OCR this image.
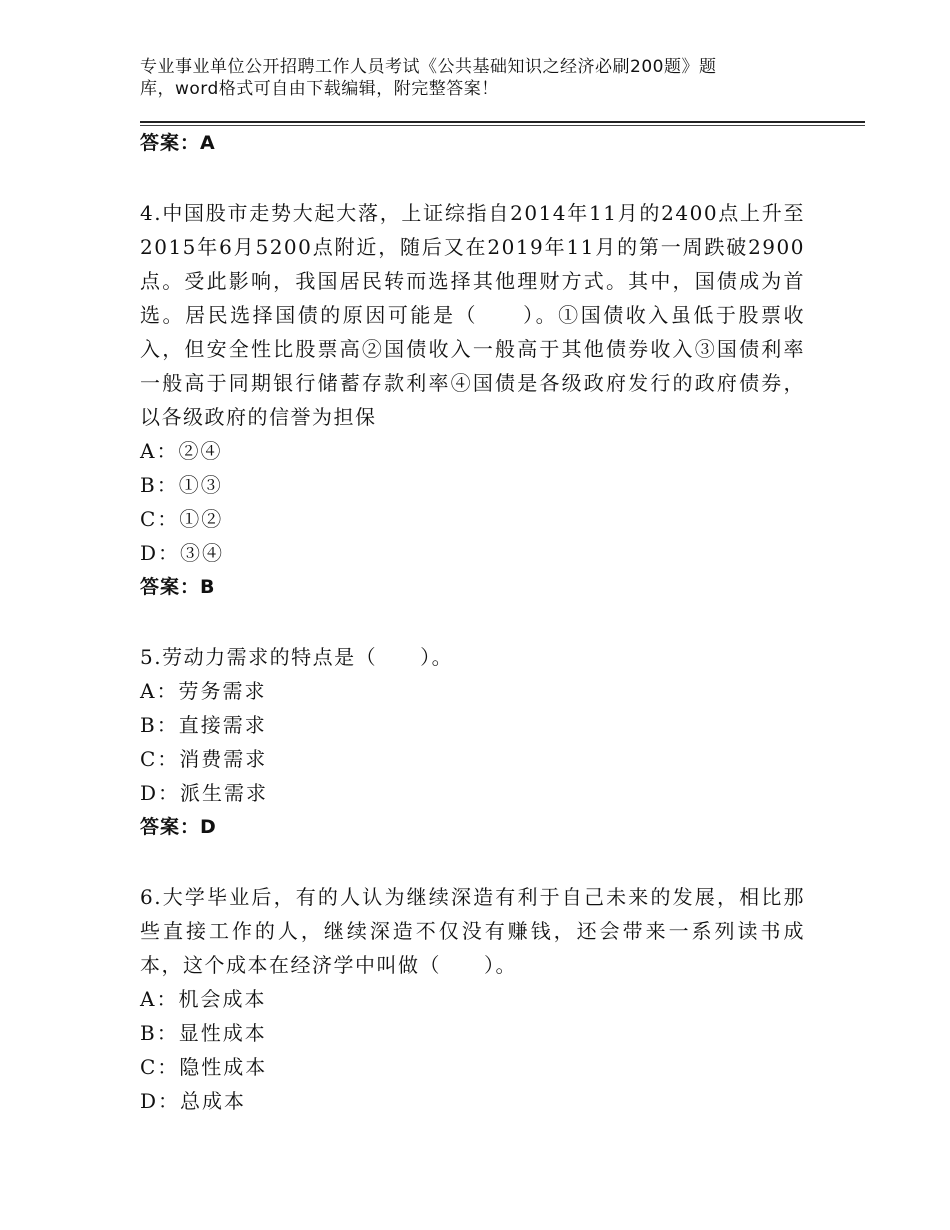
专业事业单位公开招聘工作人员考试《公共基础知识之经济必刷200题》题
库，word格式可自由下载编辑，附完整答案！
答案：A
4.中国股市走势大起大落，上证综指自2014年11月的2400点上升至2015年6月5200点附近，随后又在2019年11月的第一周跌破2900点。受此影响，我国居民转而选择其他理财方式。其中，国债成为首选。居民选择国债的原因可能是（　　）。①国债收入虽低于股票收入，但安全性比股票高②国债收入一般高于其他债券收入③国债利率一般高于同期银行储蓄存款利率④国债是各级政府发行的政府债券，以各级政府的信誉为担保
A：②④
B：①③
C：①②
D：③④
答案：B
5.劳动力需求的特点是（　　）。
A：劳务需求
B：直接需求
C：消费需求
D：派生需求
答案：D
6.大学毕业后，有的人认为继续深造有利于自己未来的发展，相比那些直接工作的人，继续深造不仅没有赚钱，还会带来一系列读书成本，这个成本在经济学中叫做（　　）。
A：机会成本
B：显性成本
C：隐性成本
D：总成本
